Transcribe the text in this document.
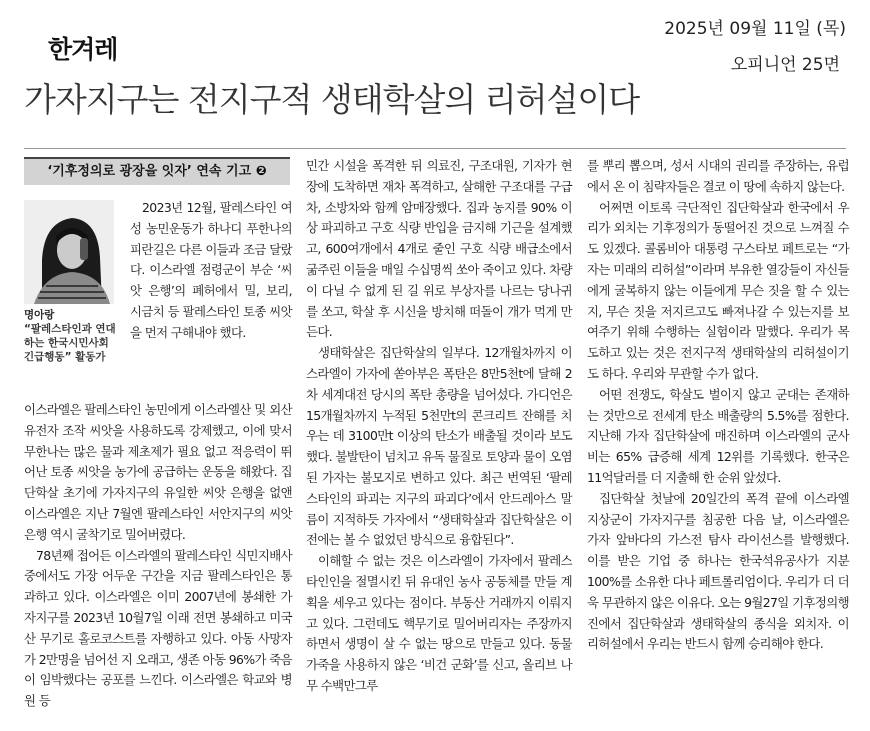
한겨레
2025년 09월 11일 (목)
오피니언 25면
가자지구는 전지구적 생태학살의 리허설이다
‘기후정의로 광장을 잇자’ 연속 기고 ❷
명아랑
“팔레스타인과 연대하는 한국시민사회긴급행동” 활동가

2023년 12월, 팔레스타인 여성 농민운동가 하나디 푸한나의 피란길은 다른 이들과 조금 달랐다. 이스라엘 점령군이 부순 ‘씨앗 은행’의 폐허에서 밀, 보리, 시금치 등 팔레스타인 토종 씨앗을 먼저 구해내야 했다.

이스라엘은 팔레스타인 농민에게 이스라엘산 및 외산 유전자 조작 씨앗을 사용하도록 강제했고, 이에 맞서 무한나는 많은 물과 제초제가 필요 없고 적응력이 뛰어난 토종 씨앗을 농가에 공급하는 운동을 해왔다. 집단학살 초기에 가자지구의 유일한 씨앗 은행을 없앤 이스라엘은 지난 7월엔 팔레스타인 서안지구의 씨앗 은행 역시 굴착기로 밀어버렸다.

78년째 접어든 이스라엘의 팔레스타인 식민지배사 중에서도 가장 어두운 구간을 지금 팔레스타인은 통과하고 있다. 이스라엘은 이미 2007년에 봉쇄한 가자지구를 2023년 10월7일 이래 전면 봉쇄하고 미국산 무기로 홀로코스트를 자행하고 있다. 아동 사망자가 2만명을 넘어선 지 오래고, 생존 아동 96%가 죽음이 임박했다는 공포를 느낀다. 이스라엘은 학교와 병원 등

민간 시설을 폭격한 뒤 의료진, 구조대원, 기자가 현장에 도착하면 재차 폭격하고, 살해한 구조대를 구급차, 소방차와 함께 암매장했다. 집과 농지를 90% 이상 파괴하고 구호 식량 반입을 금지해 기근을 설계했고, 600여개에서 4개로 줄인 구호 식량 배급소에서 굶주린 이들을 매일 수십명씩 쏘아 죽이고 있다. 차량이 다닐 수 없게 된 길 위로 부상자를 나르는 당나귀를 쏘고, 학살 후 시신을 방치해 떠돌이 개가 먹게 만든다.

생태학살은 집단학살의 일부다. 12개월차까지 이스라엘이 가자에 쏟아부은 폭탄은 8만5천t에 달해 2차 세계대전 당시의 폭탄 총량을 넘어섰다. 가디언은 15개월차까지 누적된 5천만t의 콘크리트 잔해를 치우는 데 3100만t 이상의 탄소가 배출될 것이라 보도했다. 불발탄이 넘치고 유독 물질로 토양과 물이 오염된 가자는 불모지로 변하고 있다. 최근 번역된 ‘팔레스타인의 파괴는 지구의 파괴다’에서 안드레아스 말름이 지적하듯 가자에서 “생태학살과 집단학살은 이전에는 볼 수 없었던 방식으로 융합된다”.

이해할 수 없는 것은 이스라엘이 가자에서 팔레스타인인을 절멸시킨 뒤 유대인 농사 공동체를 만들 계획을 세우고 있다는 점이다. 부동산 거래까지 이뤄지고 있다. 그런데도 핵무기로 밀어버리자는 주장까지 하면서 생명이 살 수 없는 땅으로 만들고 있다. 동물 가죽을 사용하지 않은 ‘비건 군화’를 신고, 올리브 나무 수백만그루

를 뿌리 뽑으며, 성서 시대의 권리를 주장하는, 유럽에서 온 이 침략자들은 결코 이 땅에 속하지 않는다.

어쩌면 이토록 극단적인 집단학살과 한국에서 우리가 외치는 기후정의가 동떨어진 것으로 느껴질 수도 있겠다. 콜롬비아 대통령 구스타보 페트로는 “가자는 미래의 리허설”이라며 부유한 열강들이 자신들에게 굴복하지 않는 이들에게 무슨 짓을 할 수 있는지, 무슨 짓을 저지르고도 빠져나갈 수 있는지를 보여주기 위해 수행하는 실험이라 말했다. 우리가 목도하고 있는 것은 전지구적 생태학살의 리허설이기도 하다. 우리와 무관할 수가 없다.

어떤 전쟁도, 학살도 벌이지 않고 군대는 존재하는 것만으로 전세계 탄소 배출량의 5.5%를 점한다. 지난해 가자 집단학살에 매진하며 이스라엘의 군사비는 65% 급증해 세계 12위를 기록했다. 한국은 11억달러를 더 지출해 한 순위 앞섰다.

집단학살 첫날에 20일간의 폭격 끝에 이스라엘 지상군이 가자지구를 침공한 다음 날, 이스라엘은 가자 앞바다의 가스전 탐사 라이선스를 발행했다. 이를 받은 기업 중 하나는 한국석유공사가 지분 100%를 소유한 다나 페트롤리엄이다. 우리가 더 더욱 무관하지 않은 이유다. 오는 9월27일 기후정의행진에서 집단학살과 생태학살의 종식을 외치자. 이 리허설에서 우리는 반드시 함께 승리해야 한다.
